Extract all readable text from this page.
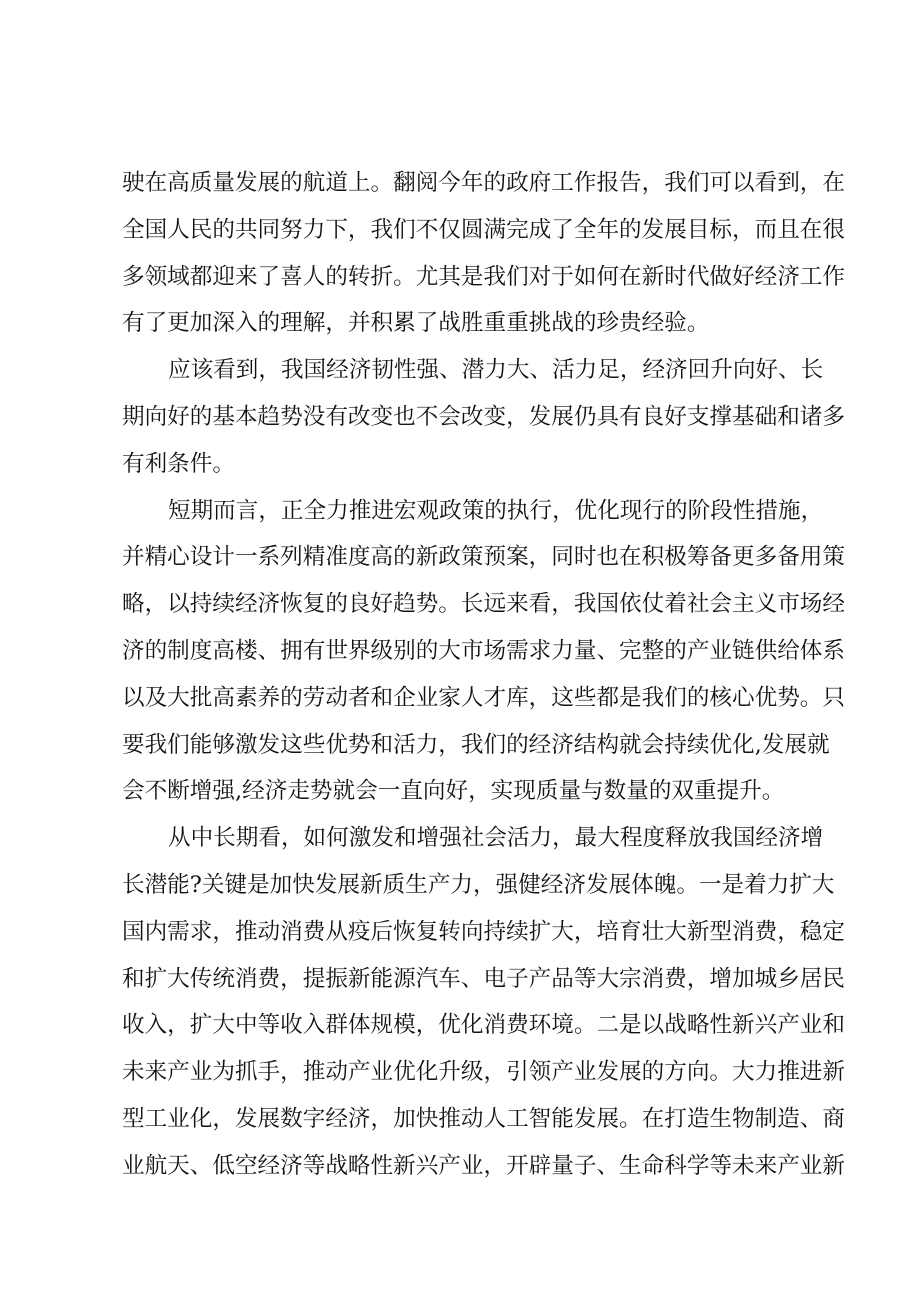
驶在高质量发展的航道上。翻阅今年的政府工作报告，我们可以看到，在
全国人民的共同努力下，我们不仅圆满完成了全年的发展目标，而且在很
多领域都迎来了喜人的转折。尤其是我们对于如何在新时代做好经济工作
有了更加深入的理解，并积累了战胜重重挑战的珍贵经验。
应该看到，我国经济韧性强、潜力大、活力足，经济回升向好、长
期向好的基本趋势没有改变也不会改变，发展仍具有良好支撑基础和诸多
有利条件。
短期而言，正全力推进宏观政策的执行，优化现行的阶段性措施，
并精心设计一系列精准度高的新政策预案，同时也在积极筹备更多备用策
略，以持续经济恢复的良好趋势。长远来看，我国依仗着社会主义市场经
济的制度高楼、拥有世界级别的大市场需求力量、完整的产业链供给体系
以及大批高素养的劳动者和企业家人才库，这些都是我们的核心优势。只
要我们能够激发这些优势和活力，我们的经济结构就会持续优化,发展就
会不断增强,经济走势就会一直向好，实现质量与数量的双重提升。
从中长期看，如何激发和增强社会活力，最大程度释放我国经济增
长潜能?关键是加快发展新质生产力，强健经济发展体魄。一是着力扩大
国内需求，推动消费从疫后恢复转向持续扩大，培育壮大新型消费，稳定
和扩大传统消费，提振新能源汽车、电子产品等大宗消费，增加城乡居民
收入，扩大中等收入群体规模，优化消费环境。二是以战略性新兴产业和
未来产业为抓手，推动产业优化升级，引领产业发展的方向。大力推进新
型工业化，发展数字经济，加快推动人工智能发展。在打造生物制造、商
业航天、低空经济等战略性新兴产业，开辟量子、生命科学等未来产业新
